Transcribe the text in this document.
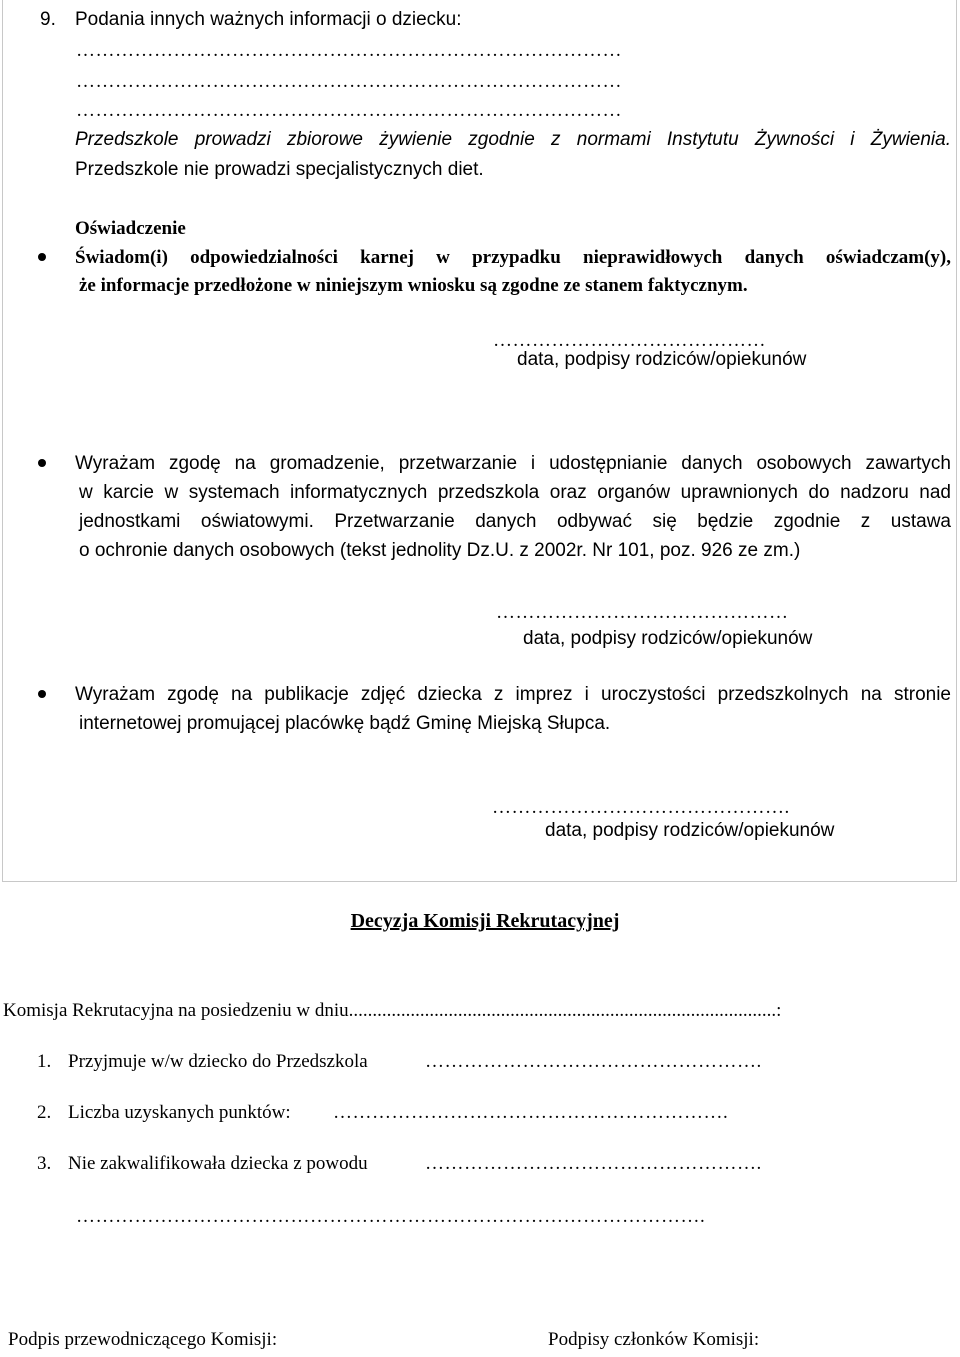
9. Podania innych ważnych informacji o dziecku:
…………………………………………………………………………
…………………………………………………………………………
…………………………………………………………………………
Przedszkole prowadzi zbiorowe żywienie zgodnie z normami Instytutu Żywności i Żywienia.
Przedszkole nie prowadzi specjalistycznych diet.
Oświadczenie
Świadom(i) odpowiedzialności karnej w przypadku nieprawidłowych danych oświadczam(y),
że informacje przedłożone w niniejszym wniosku są zgodne ze stanem faktycznym.
……………………………………
data, podpisy rodziców/opiekunów
Wyrażam zgodę na gromadzenie, przetwarzanie i udostępnianie danych osobowych zawartych
w karcie w systemach informatycznych przedszkola oraz organów uprawnionych do nadzoru nad
jednostkami oświatowymi. Przetwarzanie danych odbywać się będzie zgodnie z ustawa
o ochronie danych osobowych (tekst jednolity Dz.U. z 2002r. Nr 101, poz. 926 ze zm.)
………………………………………
data, podpisy rodziców/opiekunów
Wyrażam zgodę na publikacje zdjęć dziecka z imprez i uroczystości przedszkolnych na stronie
internetowej promującej placówkę bądź Gminę Miejską Słupca.
……………………………………….
data, podpisy rodziców/opiekunów
Decyzja Komisji Rekrutacyjnej
Komisja Rekrutacyjna na posiedzeniu w dniu..........................................................................................:
1. Przyjmuje w/w dziecko do Przedszkola	…………………………………………….
2. Liczba uzyskanych punktów: …………………………………………………….
3. Nie zakwalifikowała dziecka z powodu	…………………………………………….
…………………………………………………………………………………….
Podpis przewodniczącego Komisji:	Podpisy członków Komisji:
